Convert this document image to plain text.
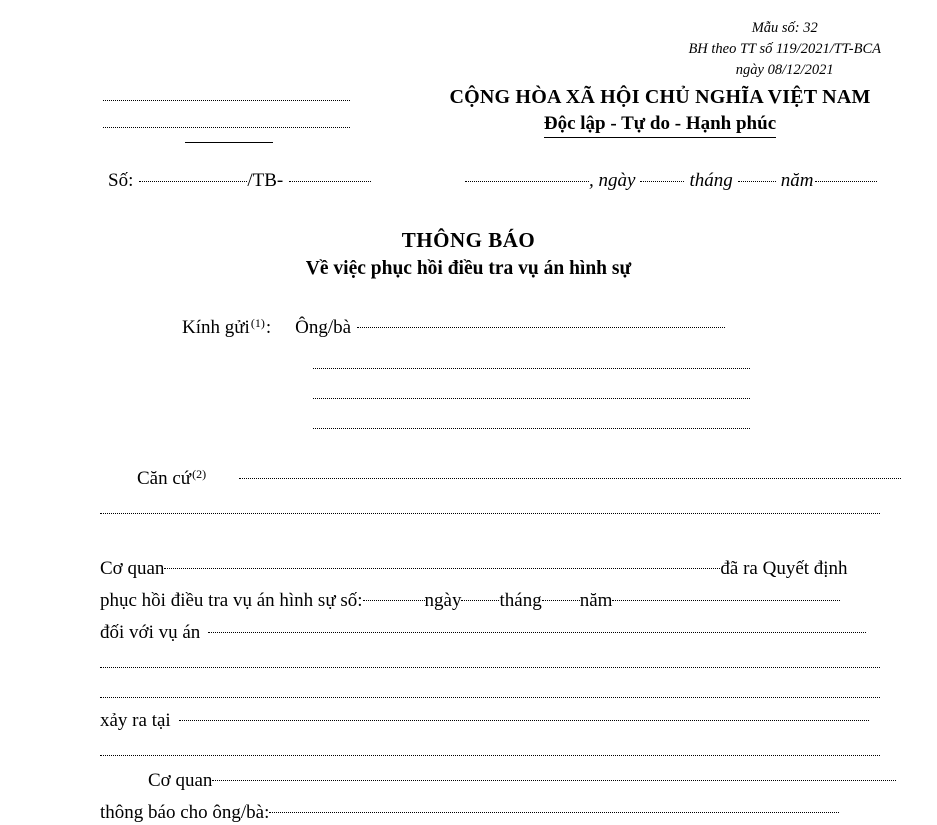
Mẫu số: 32
BH theo TT số 119/2021/TT-BCA
ngày 08/12/2021
CỘNG HÒA XÃ HỘI CHỦ NGHĨA VIỆT NAM
Độc lập - Tự do - Hạnh phúc
Số:	/TB-	, ngày	tháng	năm
THÔNG BÁO
Về việc phục hồi điều tra vụ án hình sự
Kính gửi (1) :	Ông/bà
Căn cứ (2)
Cơ quan	đã ra Quyết định
phục hồi điều tra vụ án hình sự số:	ngày tháng năm
đối với vụ án
xảy ra tại
Cơ quan
thông báo cho ông/bà:
